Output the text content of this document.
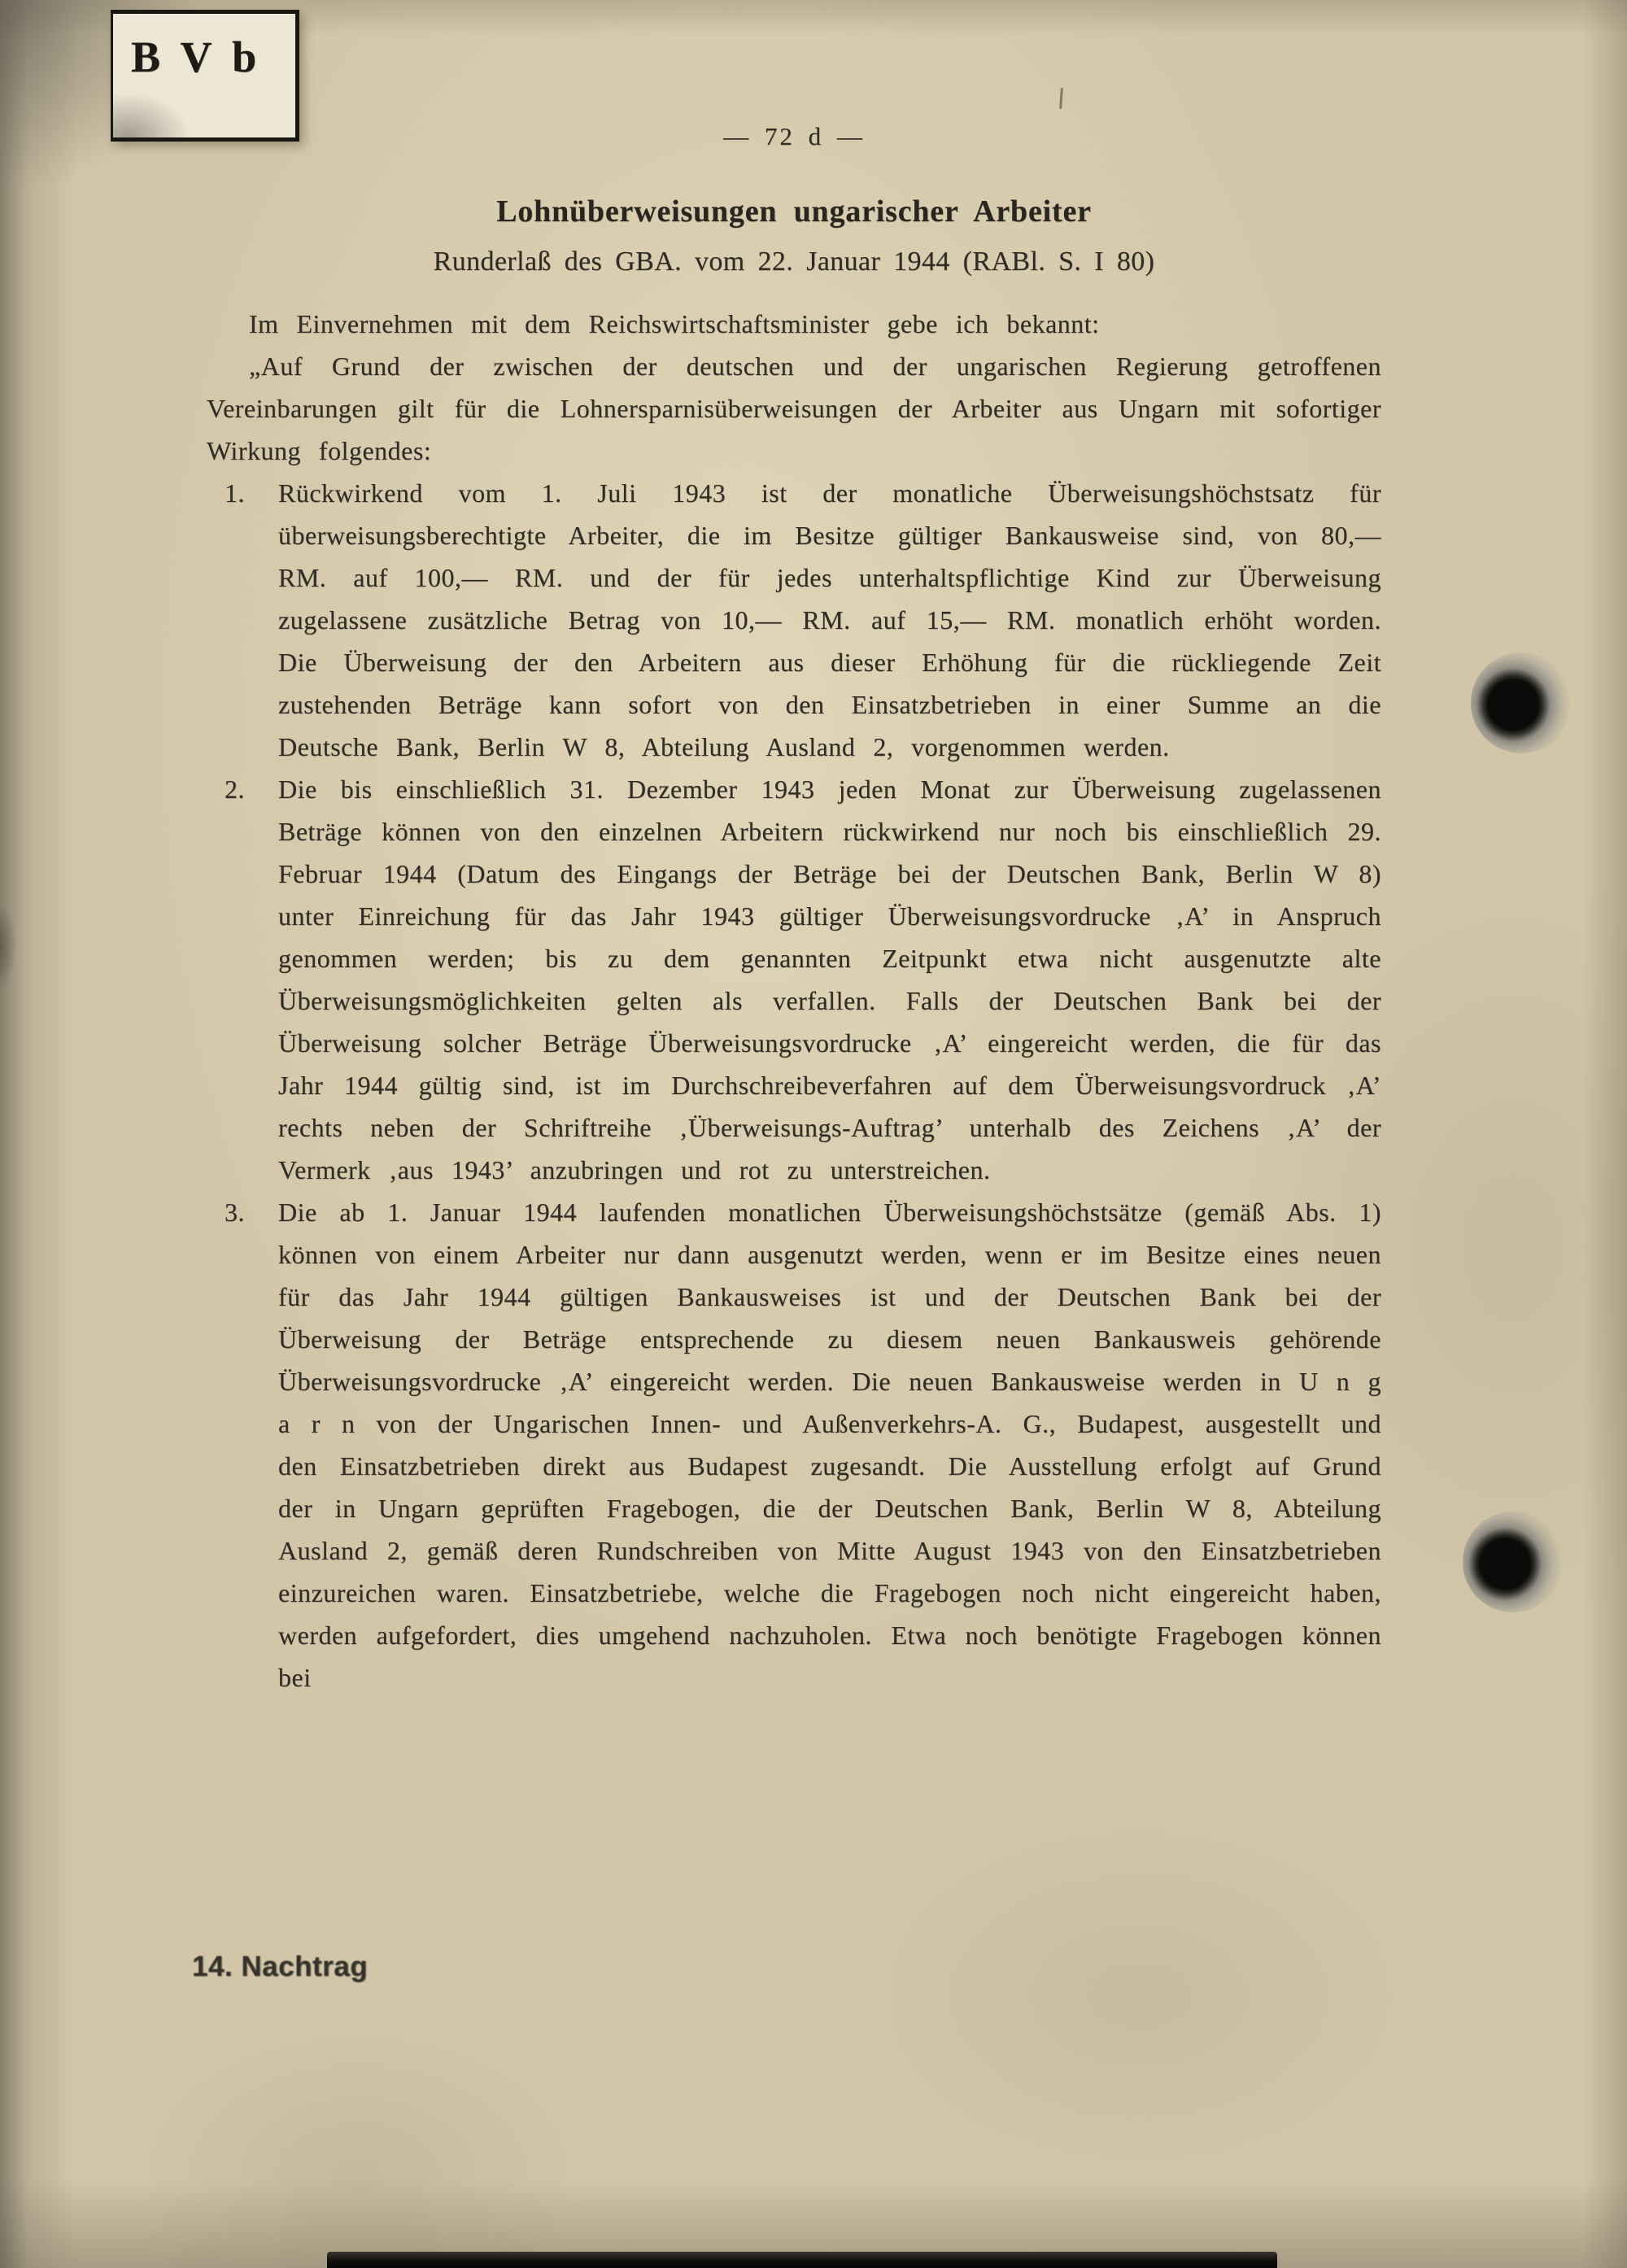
B V b
— 72 d —
Lohnüberweisungen ungarischer Arbeiter
Runderlaß des GBA. vom 22. Januar 1944 (RABl. S. I 80)

Im Einvernehmen mit dem Reichswirtschaftsminister gebe ich bekannt:

„Auf Grund der zwischen der deutschen und der ungarischen Regierung getroffenen Vereinbarungen gilt für die Lohnersparnisüberweisungen der Arbeiter aus Ungarn mit sofortiger Wirkung folgendes:

1.	Rückwirkend vom 1. Juli 1943 ist der monatliche Überweisungshöchstsatz für überweisungsberechtigte Arbeiter, die im Besitze gültiger Bankausweise sind, von 80,— RM. auf 100,— RM. und der für jedes unterhaltspflichtige Kind zur Überweisung zugelassene zusätzliche Betrag von 10,— RM. auf 15,— RM. monatlich erhöht worden. Die Überweisung der den Arbeitern aus dieser Erhöhung für die rückliegende Zeit zustehenden Beträge kann sofort von den Einsatzbetrieben in einer Summe an die Deutsche Bank, Berlin W 8, Abteilung Ausland 2, vorgenommen werden.
2.	Die bis einschließlich 31. Dezember 1943 jeden Monat zur Überweisung zugelassenen Beträge können von den einzelnen Arbeitern rückwirkend nur noch bis einschließlich 29. Februar 1944 (Datum des Eingangs der Beträge bei der Deutschen Bank, Berlin W 8) unter Einreichung für das Jahr 1943 gültiger Überweisungsvordrucke ‚A’ in Anspruch genommen werden; bis zu dem genannten Zeitpunkt etwa nicht ausgenutzte alte Überweisungsmöglichkeiten gelten als verfallen. Falls der Deutschen Bank bei der Überweisung solcher Beträge Überweisungsvordrucke ‚A’ eingereicht werden, die für das Jahr 1944 gültig sind, ist im Durchschreibeverfahren auf dem Überweisungsvordruck ‚A’ rechts neben der Schriftreihe ‚Überweisungs-Auftrag’ unterhalb des Zeichens ‚A’ der Vermerk ‚aus 1943’ anzubringen und rot zu unterstreichen.
3.	Die ab 1. Januar 1944 laufenden monatlichen Überweisungshöchstsätze (gemäß Abs. 1) können von einem Arbeiter nur dann ausgenutzt werden, wenn er im Besitze eines neuen für das Jahr 1944 gültigen Bankausweises ist und der Deutschen Bank bei der Überweisung der Beträge entsprechende zu diesem neuen Bankausweis gehörende Überweisungsvordrucke ‚A’ eingereicht werden. Die neuen Bankausweise werden in U n g a r n von der Ungarischen Innen- und Außenverkehrs-A. G., Budapest, ausgestellt und den Einsatzbetrieben direkt aus Budapest zugesandt. Die Ausstellung erfolgt auf Grund der in Ungarn geprüften Fragebogen, die der Deutschen Bank, Berlin W 8, Abteilung Ausland 2, gemäß deren Rundschreiben von Mitte August 1943 von den Einsatzbetrieben einzureichen waren. Einsatzbetriebe, welche die Fragebogen noch nicht eingereicht haben, werden aufgefordert, dies umgehend nachzuholen. Etwa noch benötigte Fragebogen können bei
14. Nachtrag
